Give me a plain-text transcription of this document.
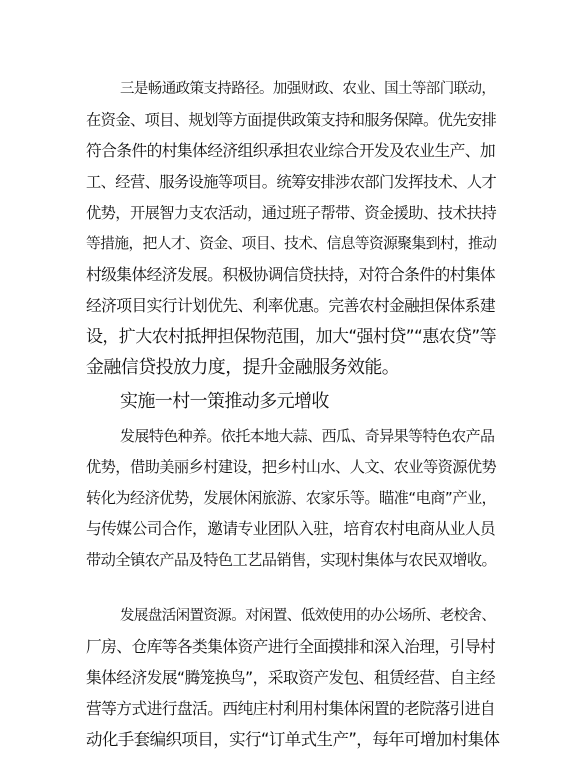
三是畅通政策支持路径。加强财政、农业、国土等部门联动，
在资金、项目、规划等方面提供政策支持和服务保障。优先安排
符合条件的村集体经济组织承担农业综合开发及农业生产、加
工、经营、服务设施等项目。统筹安排涉农部门发挥技术、人才
优势，开展智力支农活动，通过班子帮带、资金援助、技术扶持
等措施，把人才、资金、项目、技术、信息等资源聚集到村，推动
村级集体经济发展。积极协调信贷扶持，对符合条件的村集体
经济项目实行计划优先、利率优惠。完善农村金融担保体系建
设，扩大农村抵押担保物范围，加大“强村贷”“惠农贷”等
金融信贷投放力度，提升金融服务效能。
实施一村一策推动多元增收
发展特色种养。依托本地大蒜、西瓜、奇异果等特色农产品
优势，借助美丽乡村建设，把乡村山水、人文、农业等资源优势
转化为经济优势，发展休闲旅游、农家乐等。瞄准“电商”产业，
与传媒公司合作，邀请专业团队入驻，培育农村电商从业人员
带动全镇农产品及特色工艺品销售，实现村集体与农民双增收。
发展盘活闲置资源。对闲置、低效使用的办公场所、老校舍、
厂房、仓库等各类集体资产进行全面摸排和深入治理，引导村
集体经济发展“腾笼换鸟”，采取资产发包、租赁经营、自主经
营等方式进行盘活。西纯庄村利用村集体闲置的老院落引进自
动化手套编织项目，实行“订单式生产”，每年可增加村集体
